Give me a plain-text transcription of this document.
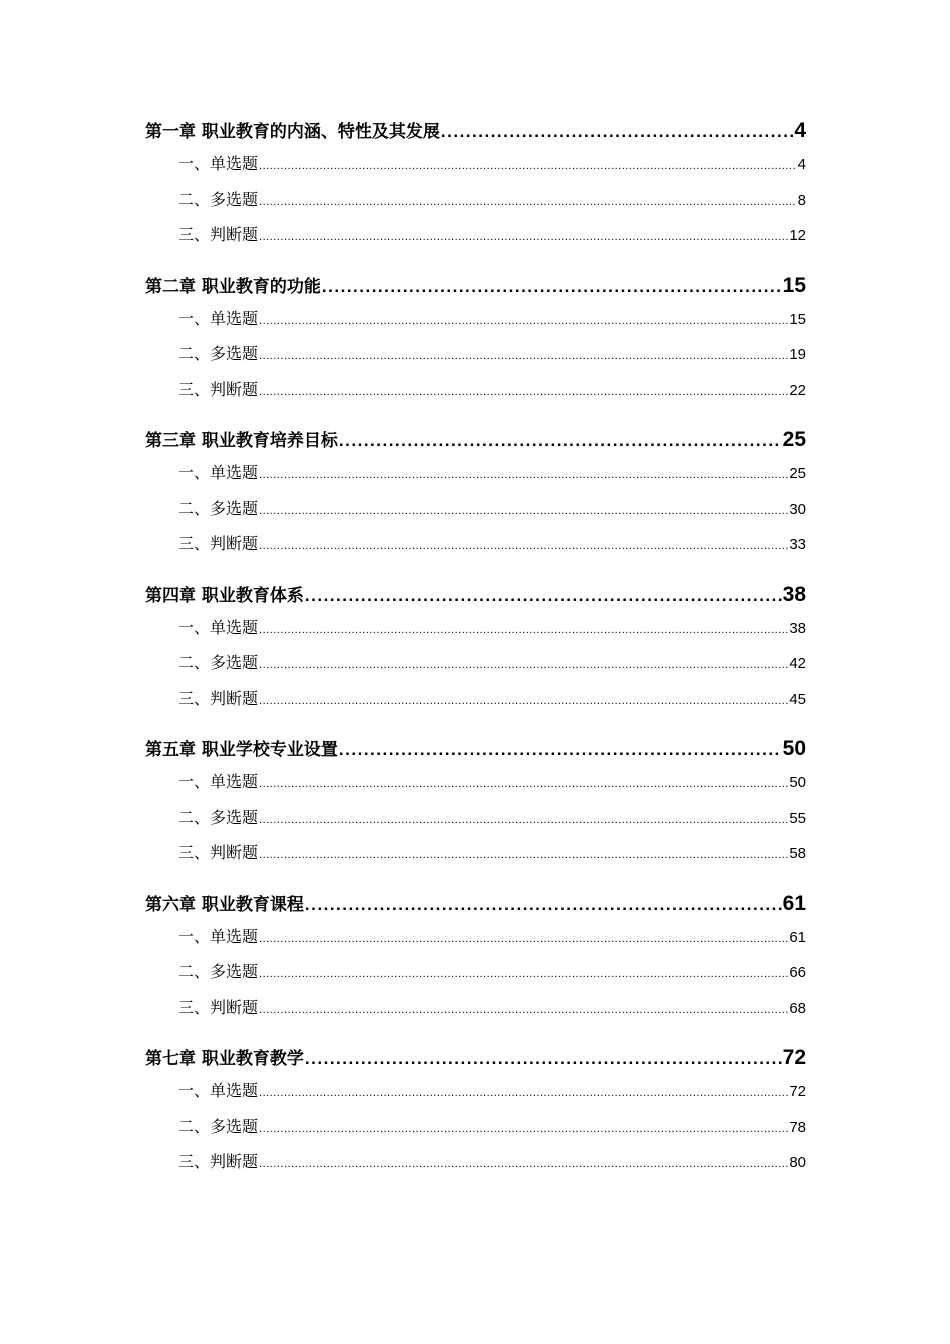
第一章 职业教育的内涵、特性及其发展 .....	4
一、单选题 .....	4
二、多选题 .....	8
三、判断题 .....	12
第二章 职业教育的功能 .....	15
一、单选题 .....	15
二、多选题 .....	19
三、判断题 .....	22
第三章 职业教育培养目标 .....	25
一、单选题 .....	25
二、多选题 .....	30
三、判断题 .....	33
第四章 职业教育体系 .....	38
一、单选题 .....	38
二、多选题 .....	42
三、判断题 .....	45
第五章 职业学校专业设置 .....	50
一、单选题 .....	50
二、多选题 .....	55
三、判断题 .....	58
第六章 职业教育课程 .....	61
一、单选题 .....	61
二、多选题 .....	66
三、判断题 .....	68
第七章 职业教育教学 .....	72
一、单选题 .....	72
二、多选题 .....	78
三、判断题 .....	80
